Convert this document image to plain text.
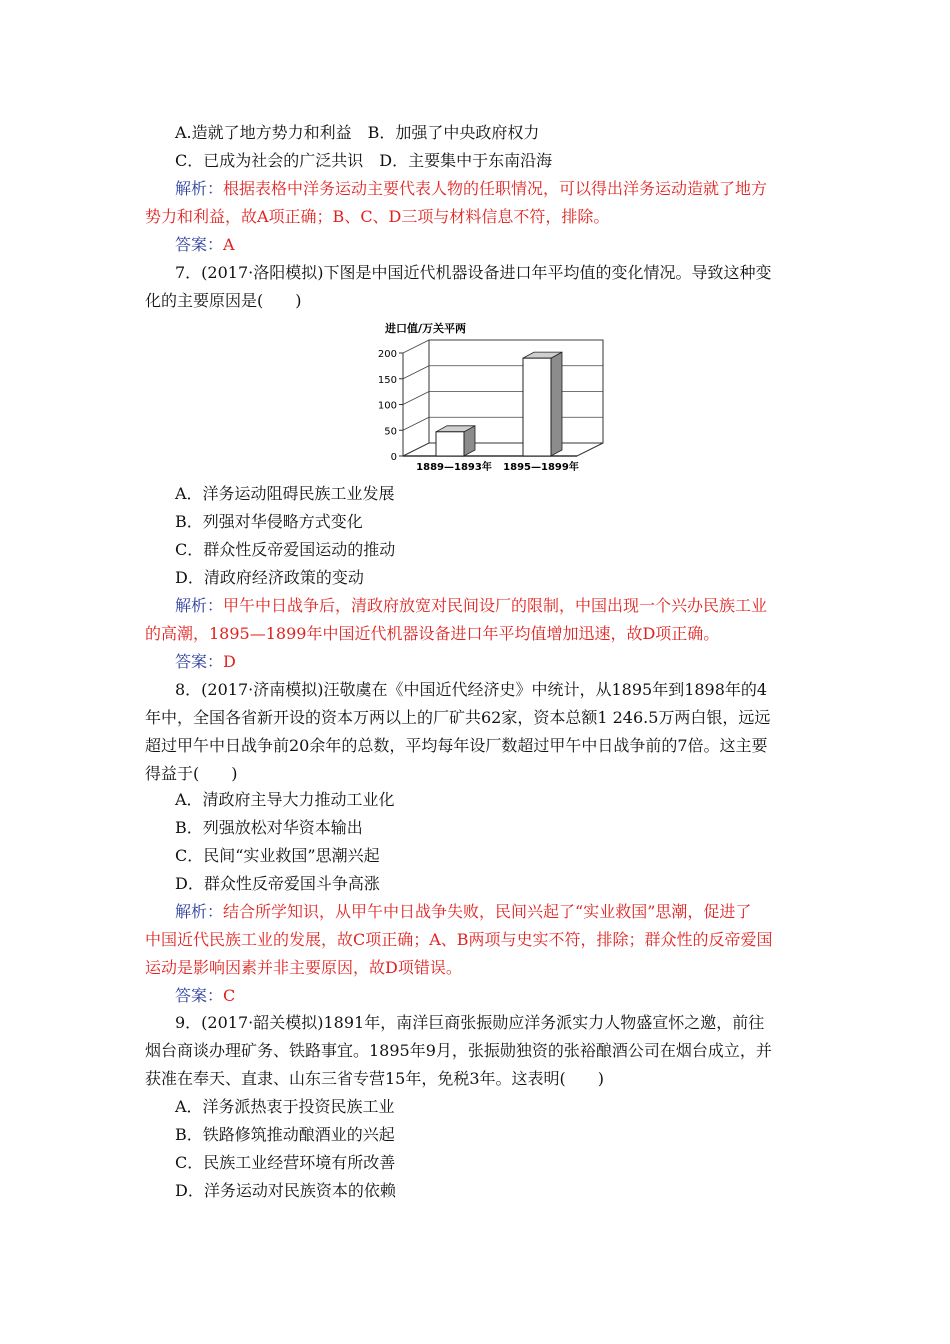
A.造就了地方势力和利益　B．加强了中央政府权力
C．已成为社会的广泛共识　D．主要集中于东南沿海
解析：根据表格中洋务运动主要代表人物的任职情况，可以得出洋务运动造就了地方
势力和利益，故A项正确；B、C、D三项与材料信息不符，排除。
答案：A
7．(2017·洛阳模拟)下图是中国近代机器设备进口年平均值的变化情况。导致这种变
化的主要原因是(　　)
进口值/万关平两
0
50
100
150
200
1889—1893年 1895—1899年
A．洋务运动阻碍民族工业发展
B．列强对华侵略方式变化
C．群众性反帝爱国运动的推动
D．清政府经济政策的变动
解析：甲午中日战争后，清政府放宽对民间设厂的限制，中国出现一个兴办民族工业
的高潮，1895—1899年中国近代机器设备进口年平均值增加迅速，故D项正确。
答案：D
8．(2017·济南模拟)汪敬虞在《中国近代经济史》中统计，从1895年到1898年的4
年中，全国各省新开设的资本万两以上的厂矿共62家，资本总额1 246.5万两白银，远远
超过甲午中日战争前20余年的总数，平均每年设厂数超过甲午中日战争前的7倍。这主要
得益于(　　)
A．清政府主导大力推动工业化
B．列强放松对华资本输出
C．民间“实业救国”思潮兴起
D．群众性反帝爱国斗争高涨
解析：结合所学知识，从甲午中日战争失败，民间兴起了“实业救国”思潮，促进了
中国近代民族工业的发展，故C项正确；A、B两项与史实不符，排除；群众性的反帝爱国
运动是影响因素并非主要原因，故D项错误。
答案：C
9．(2017·韶关模拟)1891年，南洋巨商张振勋应洋务派实力人物盛宣怀之邀，前往
烟台商谈办理矿务、铁路事宜。1895年9月，张振勋独资的张裕酿酒公司在烟台成立，并
获准在奉天、直隶、山东三省专营15年，免税3年。这表明(　　)
A．洋务派热衷于投资民族工业
B．铁路修筑推动酿酒业的兴起
C．民族工业经营环境有所改善
D．洋务运动对民族资本的依赖
